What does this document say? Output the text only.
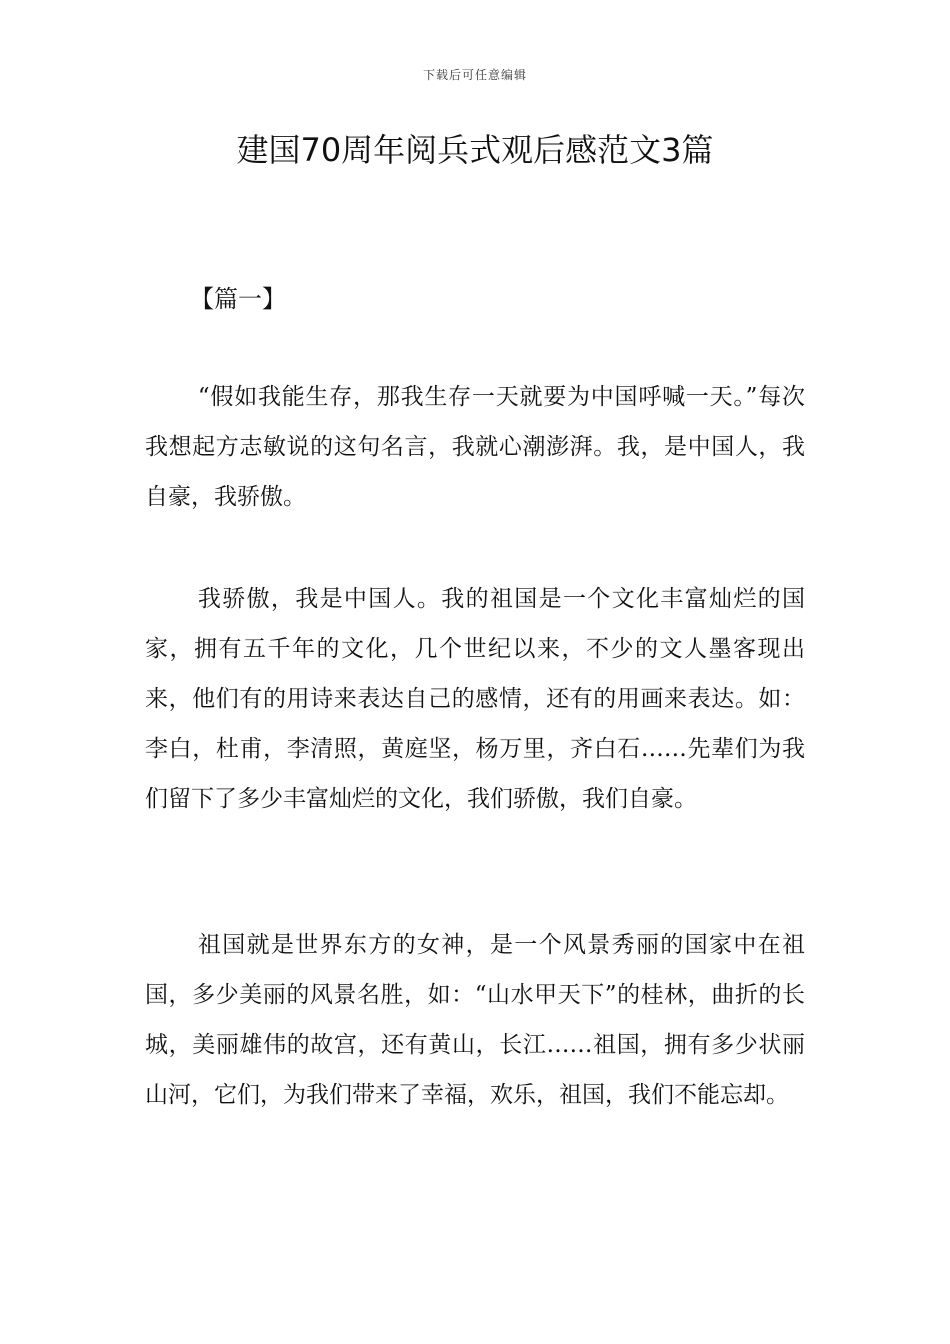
下载后可任意编辑
建国70周年阅兵式观后感范文3篇
【篇一】

“假如我能生存，那我生存一天就要为中国呼喊一天。”每次我想起方志敏说的这句名言，我就心潮澎湃。我，是中国人，我自豪，我骄傲。

我骄傲，我是中国人。我的祖国是一个文化丰富灿烂的国家，拥有五千年的文化，几个世纪以来，不少的文人墨客现出来，他们有的用诗来表达自己的感情，还有的用画来表达。如：李白，杜甫，李清照，黄庭坚，杨万里，齐白石……先辈们为我们留下了多少丰富灿烂的文化，我们骄傲，我们自豪。

祖国就是世界东方的女神，是一个风景秀丽的国家中在祖国，多少美丽的风景名胜，如：“山水甲天下”的桂林，曲折的长城，美丽雄伟的故宫，还有黄山，长江……祖国，拥有多少状丽山河，它们，为我们带来了幸福，欢乐，祖国，我们不能忘却。
